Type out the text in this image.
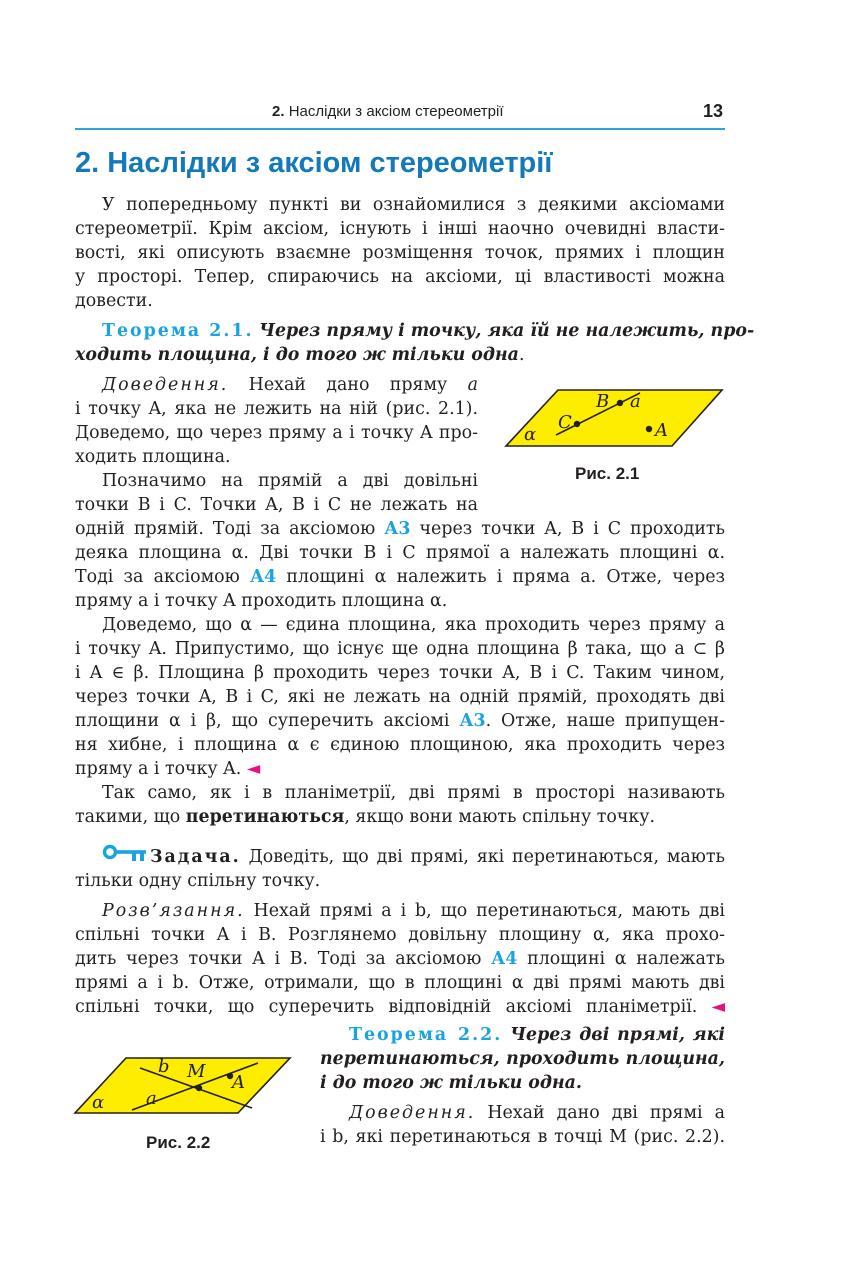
2. Наслідки з аксіом стереометрії	13
2. Наслідки з аксіом стереометрії
У попередньому пункті ви ознайомилися з деякими аксіомами
стереометрії. Крім аксіом, існують і інші наочно очевидні власти-
вості, які описують взаємне розміщення точок, прямих і площин
у просторі. Тепер, спираючись на аксіоми, ці властивості можна
довести.
Теорема 2.1. Через пряму і точку, яка їй не належить, про-
ходить площина, і до того ж тільки одна.
Доведення. Нехай дано пряму a
і точку A, яка не лежить на ній (рис. 2.1).
Доведемо, що через пряму a і точку A про-
ходить площина.
Позначимо на прямій a дві довільні
точки B і C. Точки A, B і C не лежать на
одній прямій. Тоді за аксіомою А3 через точки A, B і C проходить
деяка площина α. Дві точки B і C прямої a належать площині α.
Тоді за аксіомою А4 площині α належить і пряма a. Отже, через
пряму a і точку A проходить площина α.
α
C
B a
A
Рис. 2.1
Доведемо, що α — єдина площина, яка проходить через пряму a
і точку A. Припустимо, що існує ще одна площина β така, що a ⊂ β
і A ∈ β. Площина β проходить через точки A, B і C. Таким чином,
через точки A, B і C, які не лежать на одній прямій, проходять дві
площини α і β, що суперечить аксіомі А3. Отже, наше припущен-
ня хибне, і площина α є єдиною площиною, яка проходить через
пряму a і точку A. ◄
Так само, як і в планіметрії, дві прямі в просторі називають
такими, що перетинаються, якщо вони мають спільну точку.
Задача. Доведіть, що дві прямі, які перетинаються, мають
тільки одну спільну точку.
Розв’язання. Нехай прямі a і b, що перетинаються, мають дві
спільні точки A і B. Розглянемо довільну площину α, яка прохо-
дить через точки A і B. Тоді за аксіомою А4 площині α належать
прямі a і b. Отже, отримали, що в площині α дві прямі мають дві
спільні точки, що суперечить відповідній аксіомі планіметрії. ◄
Теорема 2.2. Через дві прямі, які
перетинаються, проходить площина,
і до того ж тільки одна.
Доведення. Нехай дано дві прямі a
і b, які перетинаються в точці M (рис. 2.2).
α a
b M
A
Рис. 2.2
